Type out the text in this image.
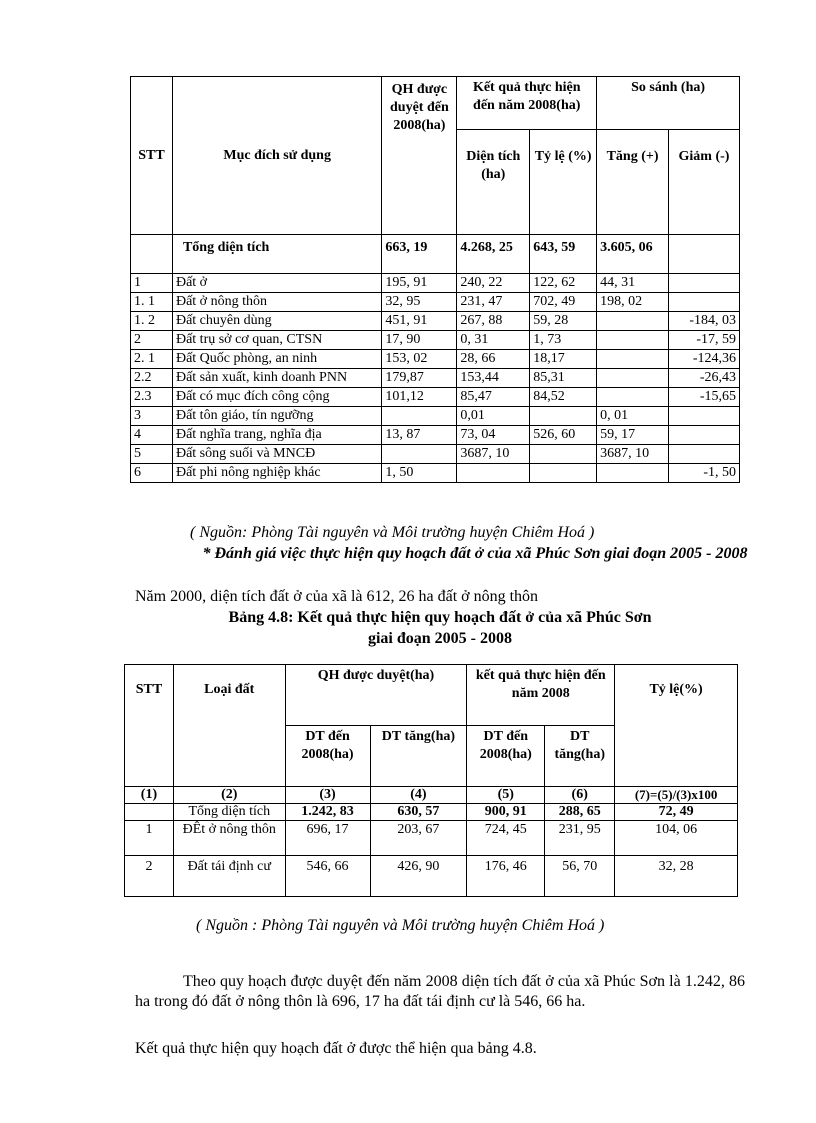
STT	Mục đích sử dụng	QH được duyệt đến 2008(ha)	Kết quả thực hiện đến năm 2008(ha)		So sánh (ha)	
			Diện tích (ha)	Tỷ lệ (%)	Tăng (+)	Giảm (-)
	Tổng diện tích	663, 19	4.268, 25	643, 59	3.605, 06	
1	Đất ở	195, 91	240, 22	122, 62	44, 31	
1. 1	Đất ở nông thôn	32, 95	231, 47	702, 49	198, 02	
1. 2	Đất chuyên dùng	451, 91	267, 88	59, 28		-184, 03
2	Đất trụ sở cơ quan, CTSN	17, 90	0, 31	1, 73		-17, 59
2. 1	Đất Quốc phòng, an ninh	153, 02	28, 66	18,17		-124,36
2.2	Đất sản xuất, kinh doanh PNN	179,87	153,44	85,31		-26,43
2.3	Đất có mục đích công cộng	101,12	85,47	84,52		-15,65
3	Đất tôn giáo, tín ngưỡng		0,01		0, 01	
4	Đất nghĩa trang, nghĩa địa	13, 87	73, 04	526, 60	59, 17	
5	Đất sông suối và MNCĐ		3687, 10		3687, 10	
6	Đất phi nông nghiệp khác	1, 50				-1, 50
( Nguồn: Phòng Tài nguyên và Môi trường huyện Chiêm Hoá )
* Đánh giá việc thực hiện quy hoạch đất ở của xã Phúc Sơn giai đoạn 2005 - 2008
Năm 2000, diện tích đất ở của xã là 612, 26 ha đất ở nông thôn
Bảng 4.8: Kết quả thực hiện quy hoạch đất ở của xã Phúc Sơn
giai đoạn 2005 - 2008
STT	Loại đất	QH được duyệt(ha)		kết quả thực hiện đến năm 2008		Tỷ lệ(%)
		DT đến 2008(ha)	DT tăng(ha)	DT đến 2008(ha)	DT tăng(ha)	
(1)	(2)	(3)	(4)	(5)	(6)	(7)=(5)/(3)x100
	Tổng diện tích	1.242, 83	630, 57	900, 91	288, 65	72, 49
1	ĐÊt ở nông thôn	696, 17	203, 67	724, 45	231, 95	104, 06
2	Đất tái định cư	546, 66	426, 90	176, 46	56, 70	32, 28
( Nguồn : Phòng Tài nguyên và Môi trường huyện Chiêm Hoá )
Theo quy hoạch được duyệt đến năm 2008 diện tích đất ở của xã Phúc Sơn là 1.242, 86 ha trong đó đất ở nông thôn là 696, 17 ha đất tái định cư là 546, 66 ha.
Kết quả thực hiện quy hoạch đất ở được thể hiện qua bảng 4.8.
